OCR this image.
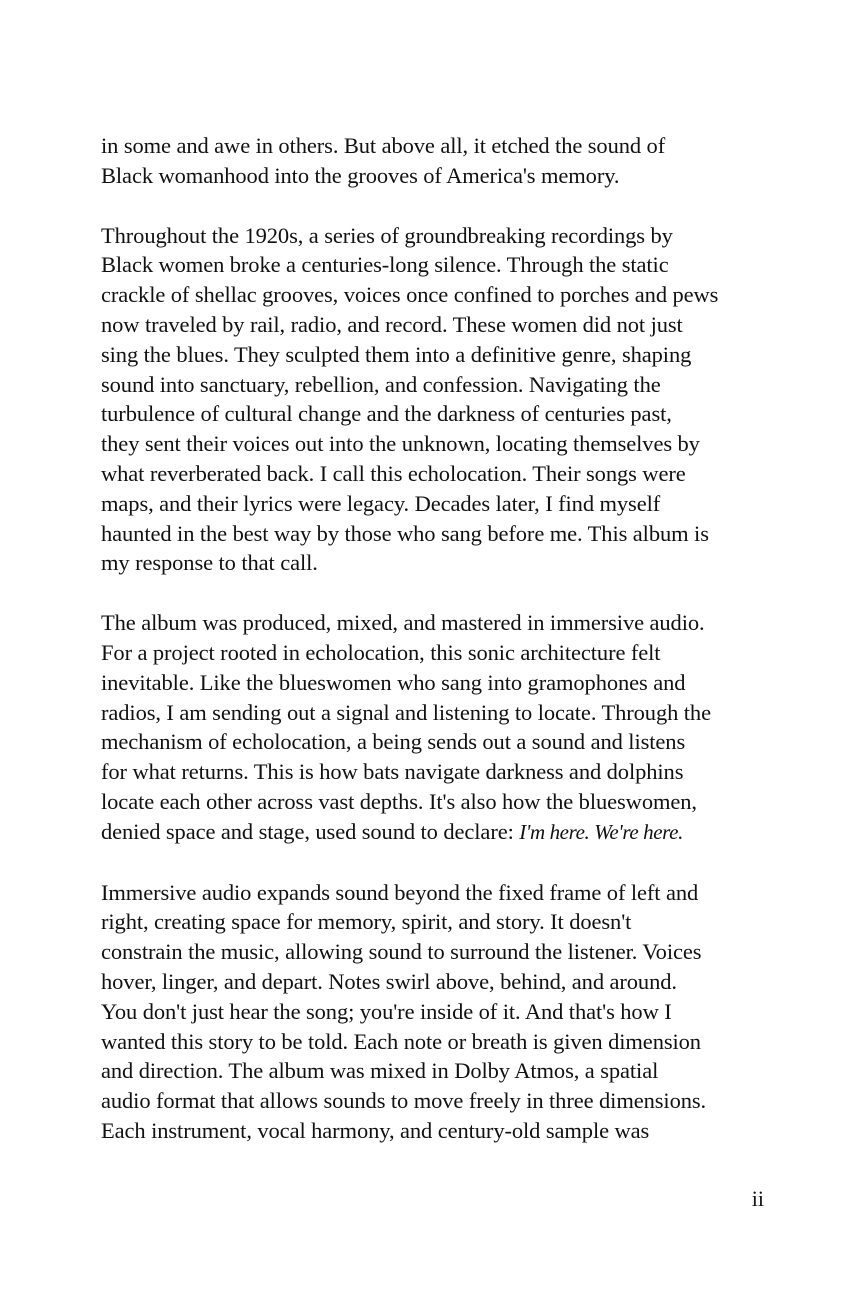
in some and awe in others. But above all, it etched the sound of
Black womanhood into the grooves of America's memory.

Throughout the 1920s, a series of groundbreaking recordings by
Black women broke a centuries-long silence. Through the static
crackle of shellac grooves, voices once confined to porches and pews
now traveled by rail, radio, and record. These women did not just
sing the blues. They sculpted them into a definitive genre, shaping
sound into sanctuary, rebellion, and confession. Navigating the
turbulence of cultural change and the darkness of centuries past,
they sent their voices out into the unknown, locating themselves by
what reverberated back. I call this echolocation. Their songs were
maps, and their lyrics were legacy. Decades later, I find myself
haunted in the best way by those who sang before me. This album is
my response to that call.

The album was produced, mixed, and mastered in immersive audio.
For a project rooted in echolocation, this sonic architecture felt
inevitable. Like the blueswomen who sang into gramophones and
radios, I am sending out a signal and listening to locate. Through the
mechanism of echolocation, a being sends out a sound and listens
for what returns. This is how bats navigate darkness and dolphins
locate each other across vast depths. It's also how the blueswomen,
denied space and stage, used sound to declare: I'm here. We're here.

Immersive audio expands sound beyond the fixed frame of left and
right, creating space for memory, spirit, and story. It doesn't
constrain the music, allowing sound to surround the listener. Voices
hover, linger, and depart. Notes swirl above, behind, and around.
You don't just hear the song; you're inside of it. And that's how I
wanted this story to be told. Each note or breath is given dimension
and direction. The album was mixed in Dolby Atmos, a spatial
audio format that allows sounds to move freely in three dimensions.
Each instrument, vocal harmony, and century-old sample was

ii
